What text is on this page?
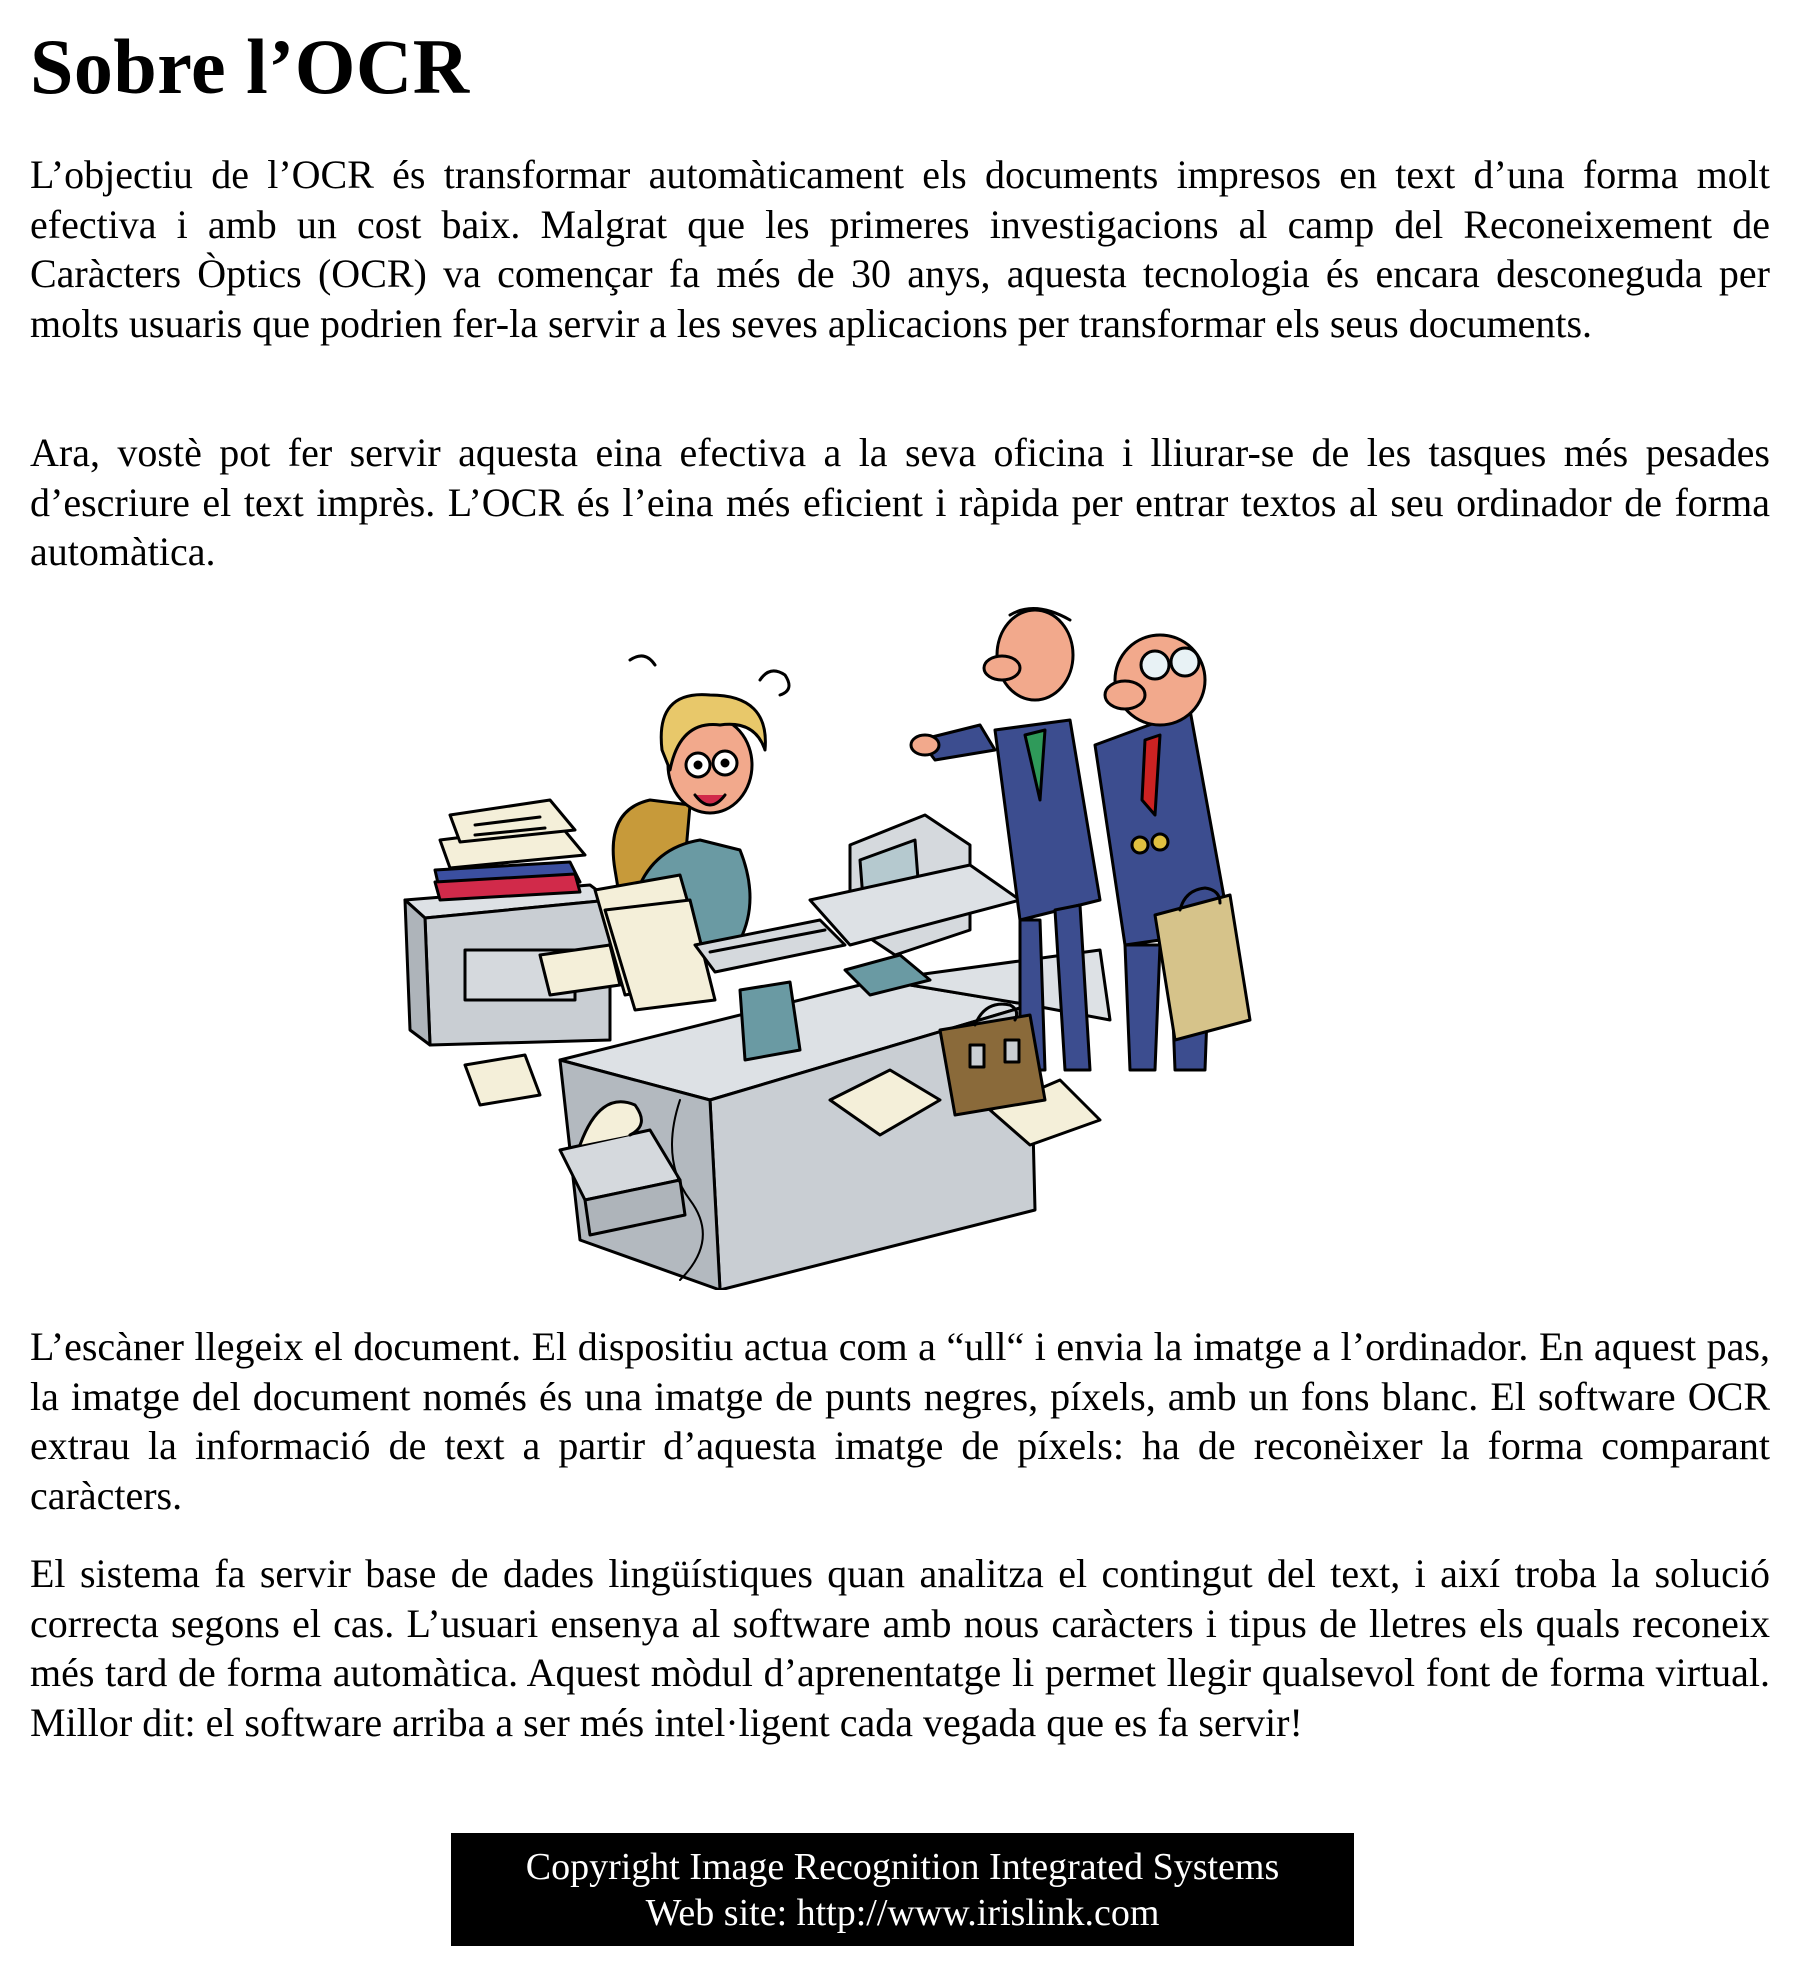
Sobre l’OCR

L’objectiu de l’OCR és transformar automàticament els documents impresos en text d’una forma molt efectiva i amb un cost baix. Malgrat que les primeres investigacions al camp del Reconeixement de Caràcters Òptics (OCR) va començar fa més de 30 anys, aquesta tecnologia és encara desconeguda per molts usuaris que podrien fer-la servir a les seves aplicacions per transformar els seus documents.

Ara, vostè pot fer servir aquesta eina efectiva a la seva oficina i lliurar-se de les tasques més pesades d’escriure el text imprès. L’OCR és l’eina més eficient i ràpida per entrar textos al seu ordinador de forma automàtica.

L’escàner llegeix el document. El dispositiu actua com a “ull“ i envia la imatge a l’ordinador. En aquest pas, la imatge del document només és una imatge de punts negres, píxels, amb un fons blanc. El software OCR extrau la informació de text a partir d’aquesta imatge de píxels: ha de reconèixer la forma comparant caràcters.

El sistema fa servir base de dades lingüístiques quan analitza el contingut del text, i així troba la solució correcta segons el cas. L’usuari ensenya al software amb nous caràcters i tipus de lletres els quals reconeix més tard de forma automàtica. Aquest mòdul d’aprenentatge li permet llegir qualsevol font de forma virtual. Millor dit: el software arriba a ser més intel·ligent cada vegada que es fa servir!

Copyright Image Recognition Integrated Systems
Web site: http://www.irislink.com
